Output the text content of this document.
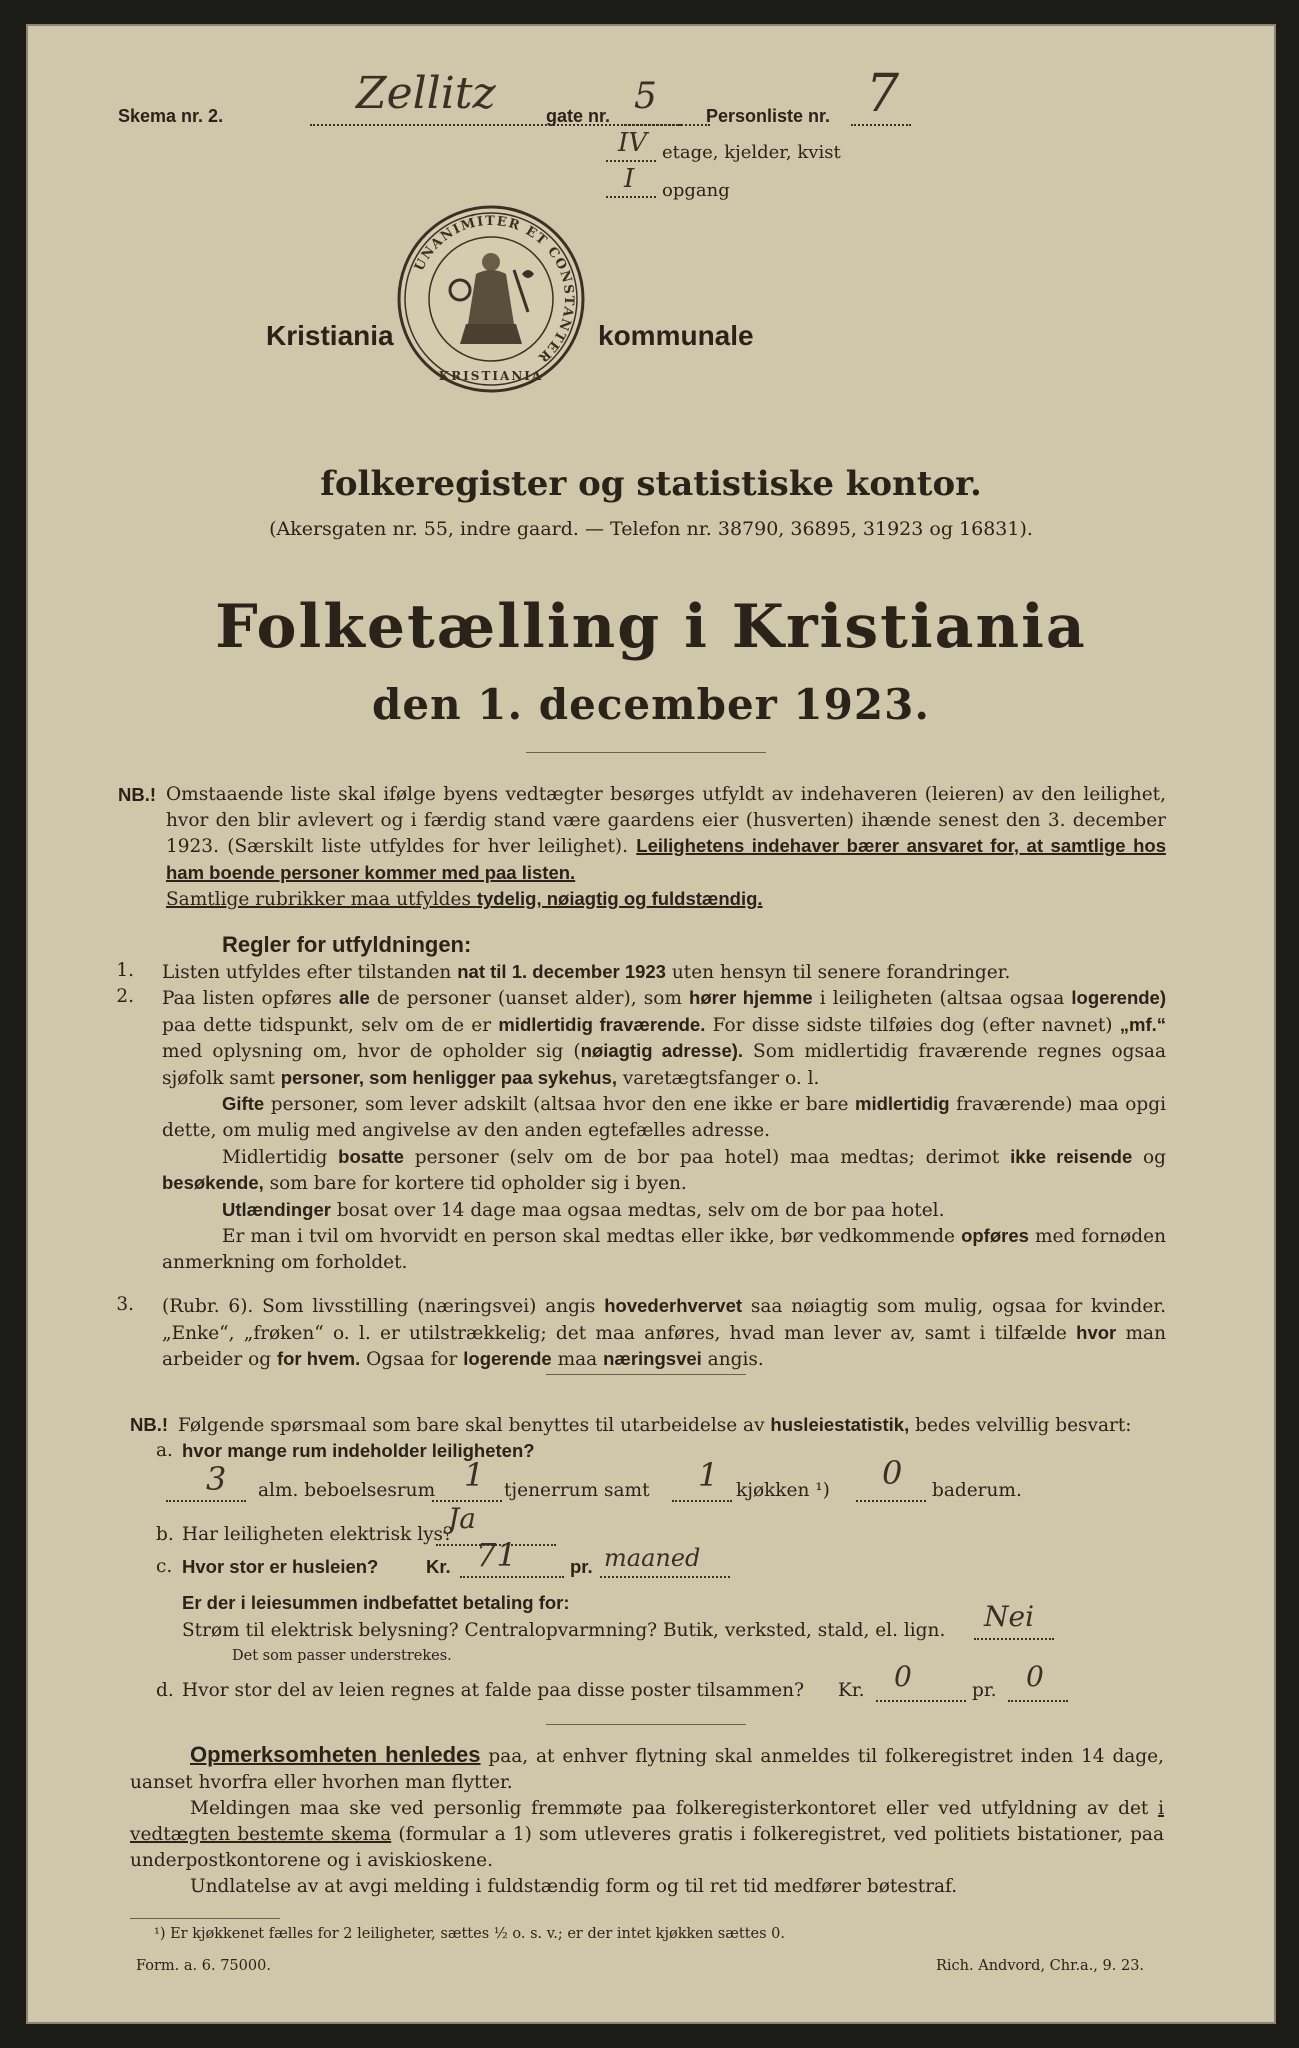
Skema nr. 2.	Zellitz	gate nr. 5	Personliste nr. 7
IV etage, kjelder, kvist
I opgang
Kristiania	kommunale
UNANIMITER ET CONSTANTER
KRISTIANIA
folkeregister og statistiske kontor.
(Akersgaten nr. 55, indre gaard. — Telefon nr. 38790, 36895, 31923 og 16831).
Folketælling i Kristiania
den 1. december 1923.
NB.! Omstaaende liste skal ifølge byens vedtægter besørges utfyldt av indehaveren (leieren) av den leilighet, hvor den blir avlevert og i færdig stand være gaardens eier (husverten) ihænde senest den 3. december 1923. (Særskilt liste utfyldes for hver leilighet). Leilighetens indehaver bærer ansvaret for, at samtlige hos ham boende personer kommer med paa listen.

Samtlige rubrikker maa utfyldes tydelig, nøiagtig og fuldstændig.

Regler for utfyldningen:
1. Listen utfyldes efter tilstanden nat til 1. december 1923 uten hensyn til senere forandringer.

2. Paa listen opføres alle de personer (uanset alder), som hører hjemme i leiligheten (altsaa ogsaa logerende) paa dette tidspunkt, selv om de er midlertidig fraværende. For disse sidste tilføies dog (efter navnet) „mf.“ med oplysning om, hvor de opholder sig (nøiagtig adresse). Som midlertidig fraværende regnes ogsaa sjøfolk samt personer, som henligger paa sykehus, varetægtsfanger o. l.

Gifte personer, som lever adskilt (altsaa hvor den ene ikke er bare midlertidig fraværende) maa opgi dette, om mulig med angivelse av den anden egtefælles adresse.

Midlertidig bosatte personer (selv om de bor paa hotel) maa medtas; derimot ikke reisende og besøkende, som bare for kortere tid opholder sig i byen.

Utlændinger bosat over 14 dage maa ogsaa medtas, selv om de bor paa hotel.

Er man i tvil om hvorvidt en person skal medtas eller ikke, bør vedkommende opføres med fornøden anmerkning om forholdet.

3. (Rubr. 6). Som livsstilling (næringsvei) angis hovederhvervet saa nøiagtig som mulig, ogsaa for kvinder. „Enke“, „frøken“ o. l. er utilstrækkelig; det maa anføres, hvad man lever av, samt i tilfælde hvor man arbeider og for hvem. Ogsaa for logerende maa næringsvei angis.

NB.! Følgende spørsmaal som bare skal benyttes til utarbeidelse av husleiestatistik, bedes velvillig besvart:
a. hvor mange rum indeholder leiligheten?
3 alm. beboelsesrum 1 tjenerrum samt 1 kjøkken ¹) 0 baderum.
b. Har leiligheten elektrisk lys?
Ja
c. Hvor stor er husleien?	Kr. 71	pr. maaned
Er der i leiesummen indbefattet betaling for:
Strøm til elektrisk belysning? Centralopvarmning? Butik, verksted, stald, el. lign. Nei
Det som passer understrekes.
d. Hvor stor del av leien regnes at falde paa disse poster tilsammen? Kr. 0	pr. 0

Opmerksomheten henledes paa, at enhver flytning skal anmeldes til folkeregistret inden 14 dage, uanset hvorfra eller hvorhen man flytter.

Meldingen maa ske ved personlig fremmøte paa folkeregisterkontoret eller ved utfyldning av det i vedtægten bestemte skema (formular a 1) som utleveres gratis i folkeregistret, ved politiets bistationer, paa underpostkontorene og i aviskioskene.

Undlatelse av at avgi melding i fuldstændig form og til ret tid medfører bøtestraf.

¹) Er kjøkkenet fælles for 2 leiligheter, sættes ½ o. s. v.; er der intet kjøkken sættes 0.
Form. a. 6. 75000.	Rich. Andvord, Chr.a., 9. 23.
